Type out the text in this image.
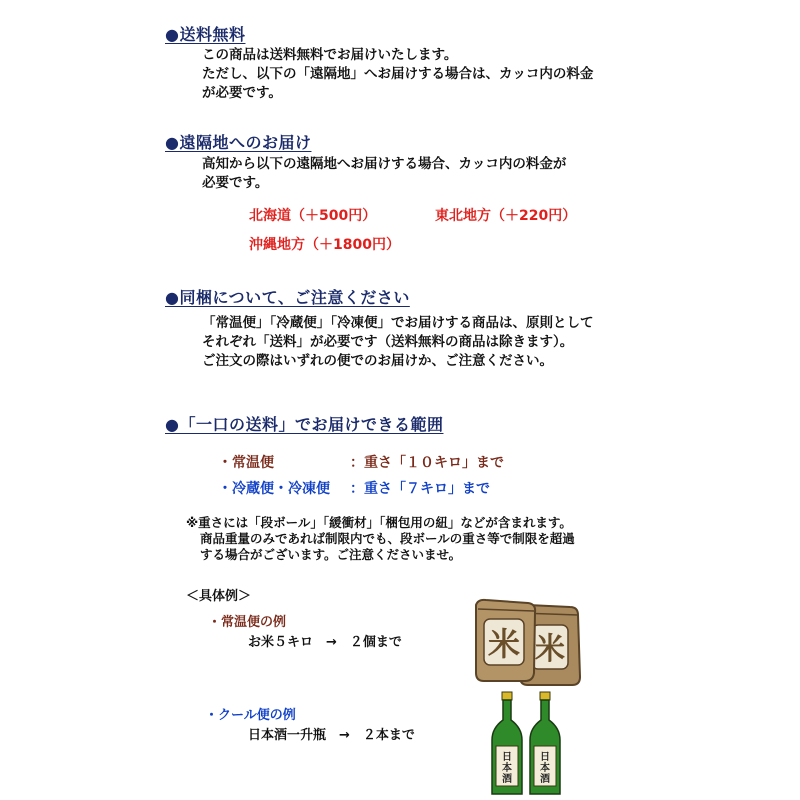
●送料無料
この商品は送料無料でお届けいたします。
ただし、以下の「遠隔地」へお届けする場合は、カッコ内の料金
が必要です。
●遠隔地へのお届け
高知から以下の遠隔地へお届けする場合、カッコ内の料金が
必要です。
北海道（＋500円）	東北地方（＋220円）
沖縄地方（＋1800円）
●同梱について、ご注意ください
「常温便」「冷蔵便」「冷凍便」でお届けする商品は、原則として
それぞれ「送料」が必要です（送料無料の商品は除きます）。
ご注文の際はいずれの便でのお届けか、ご注意ください。
●「一口の送料」でお届けできる範囲
・常温便	：重さ「１０キロ」まで
・冷蔵便・冷凍便 ：重さ「７キロ」まで
※重さには「段ボール」「緩衝材」「梱包用の紐」などが含まれます。
商品重量のみであれば制限内でも、段ボールの重さ等で制限を超過
する場合がございます。ご注意くださいませ。
＜具体例＞
・常温便の例
お米５キロ　→　２個まで
・クール便の例
日本酒一升瓶　→　２本まで
米
米
日
本
酒
日
本
酒
